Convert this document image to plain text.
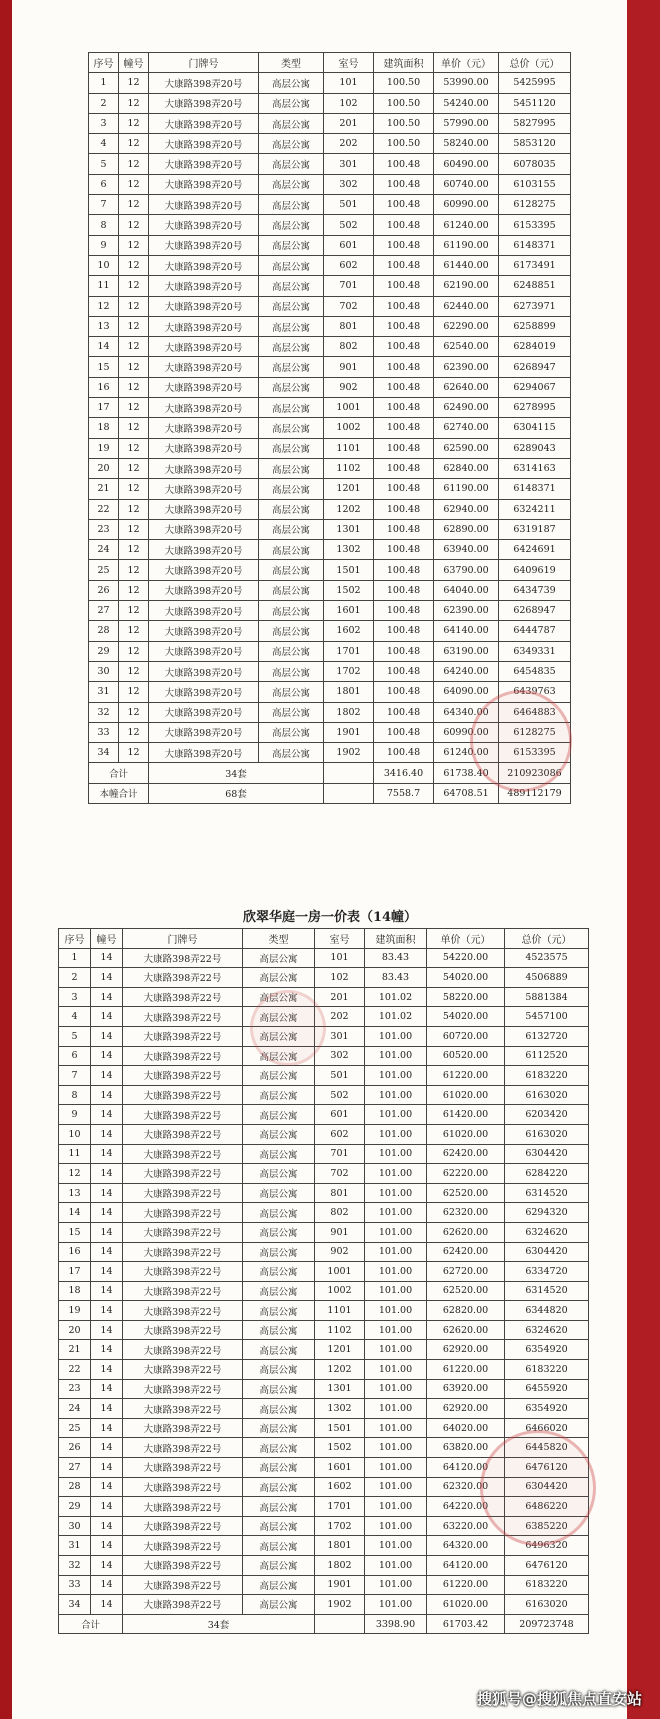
序号	幢号	门牌号	类型	室号	建筑面积	单价（元）	总价（元）
1	12	大康路398弄20号	高层公寓	101	100.50	53990.00	5425995
2	12	大康路398弄20号	高层公寓	102	100.50	54240.00	5451120
3	12	大康路398弄20号	高层公寓	201	100.50	57990.00	5827995
4	12	大康路398弄20号	高层公寓	202	100.50	58240.00	5853120
5	12	大康路398弄20号	高层公寓	301	100.48	60490.00	6078035
6	12	大康路398弄20号	高层公寓	302	100.48	60740.00	6103155
7	12	大康路398弄20号	高层公寓	501	100.48	60990.00	6128275
8	12	大康路398弄20号	高层公寓	502	100.48	61240.00	6153395
9	12	大康路398弄20号	高层公寓	601	100.48	61190.00	6148371
10	12	大康路398弄20号	高层公寓	602	100.48	61440.00	6173491
11	12	大康路398弄20号	高层公寓	701	100.48	62190.00	6248851
12	12	大康路398弄20号	高层公寓	702	100.48	62440.00	6273971
13	12	大康路398弄20号	高层公寓	801	100.48	62290.00	6258899
14	12	大康路398弄20号	高层公寓	802	100.48	62540.00	6284019
15	12	大康路398弄20号	高层公寓	901	100.48	62390.00	6268947
16	12	大康路398弄20号	高层公寓	902	100.48	62640.00	6294067
17	12	大康路398弄20号	高层公寓	1001	100.48	62490.00	6278995
18	12	大康路398弄20号	高层公寓	1002	100.48	62740.00	6304115
19	12	大康路398弄20号	高层公寓	1101	100.48	62590.00	6289043
20	12	大康路398弄20号	高层公寓	1102	100.48	62840.00	6314163
21	12	大康路398弄20号	高层公寓	1201	100.48	61190.00	6148371
22	12	大康路398弄20号	高层公寓	1202	100.48	62940.00	6324211
23	12	大康路398弄20号	高层公寓	1301	100.48	62890.00	6319187
24	12	大康路398弄20号	高层公寓	1302	100.48	63940.00	6424691
25	12	大康路398弄20号	高层公寓	1501	100.48	63790.00	6409619
26	12	大康路398弄20号	高层公寓	1502	100.48	64040.00	6434739
27	12	大康路398弄20号	高层公寓	1601	100.48	62390.00	6268947
28	12	大康路398弄20号	高层公寓	1602	100.48	64140.00	6444787
29	12	大康路398弄20号	高层公寓	1701	100.48	63190.00	6349331
30	12	大康路398弄20号	高层公寓	1702	100.48	64240.00	6454835
31	12	大康路398弄20号	高层公寓	1801	100.48	64090.00	6439763
32	12	大康路398弄20号	高层公寓	1802	100.48	64340.00	6464883
33	12	大康路398弄20号	高层公寓	1901	100.48	60990.00	6128275
34	12	大康路398弄20号	高层公寓	1902	100.48	61240.00	6153395
合计		34套			3416.40	61738.40	210923086
本幢合计		68套			7558.7	64708.51	489112179
欣翠华庭一房一价表（14幢）
序号	幢号	门牌号	类型	室号	建筑面积	单价（元）	总价（元）
1	14	大康路398弄22号	高层公寓	101	83.43	54220.00	4523575
2	14	大康路398弄22号	高层公寓	102	83.43	54020.00	4506889
3	14	大康路398弄22号	高层公寓	201	101.02	58220.00	5881384
4	14	大康路398弄22号	高层公寓	202	101.02	54020.00	5457100
5	14	大康路398弄22号	高层公寓	301	101.00	60720.00	6132720
6	14	大康路398弄22号	高层公寓	302	101.00	60520.00	6112520
7	14	大康路398弄22号	高层公寓	501	101.00	61220.00	6183220
8	14	大康路398弄22号	高层公寓	502	101.00	61020.00	6163020
9	14	大康路398弄22号	高层公寓	601	101.00	61420.00	6203420
10	14	大康路398弄22号	高层公寓	602	101.00	61020.00	6163020
11	14	大康路398弄22号	高层公寓	701	101.00	62420.00	6304420
12	14	大康路398弄22号	高层公寓	702	101.00	62220.00	6284220
13	14	大康路398弄22号	高层公寓	801	101.00	62520.00	6314520
14	14	大康路398弄22号	高层公寓	802	101.00	62320.00	6294320
15	14	大康路398弄22号	高层公寓	901	101.00	62620.00	6324620
16	14	大康路398弄22号	高层公寓	902	101.00	62420.00	6304420
17	14	大康路398弄22号	高层公寓	1001	101.00	62720.00	6334720
18	14	大康路398弄22号	高层公寓	1002	101.00	62520.00	6314520
19	14	大康路398弄22号	高层公寓	1101	101.00	62820.00	6344820
20	14	大康路398弄22号	高层公寓	1102	101.00	62620.00	6324620
21	14	大康路398弄22号	高层公寓	1201	101.00	62920.00	6354920
22	14	大康路398弄22号	高层公寓	1202	101.00	61220.00	6183220
23	14	大康路398弄22号	高层公寓	1301	101.00	63920.00	6455920
24	14	大康路398弄22号	高层公寓	1302	101.00	62920.00	6354920
25	14	大康路398弄22号	高层公寓	1501	101.00	64020.00	6466020
26	14	大康路398弄22号	高层公寓	1502	101.00	63820.00	6445820
27	14	大康路398弄22号	高层公寓	1601	101.00	64120.00	6476120
28	14	大康路398弄22号	高层公寓	1602	101.00	62320.00	6304420
29	14	大康路398弄22号	高层公寓	1701	101.00	64220.00	6486220
30	14	大康路398弄22号	高层公寓	1702	101.00	63220.00	6385220
31	14	大康路398弄22号	高层公寓	1801	101.00	64320.00	6496320
32	14	大康路398弄22号	高层公寓	1802	101.00	64120.00	6476120
33	14	大康路398弄22号	高层公寓	1901	101.00	61220.00	6183220
34	14	大康路398弄22号	高层公寓	1902	101.00	61020.00	6163020
合计		34套			3398.90	61703.42	209723748
搜狐号@搜狐焦点直安站
